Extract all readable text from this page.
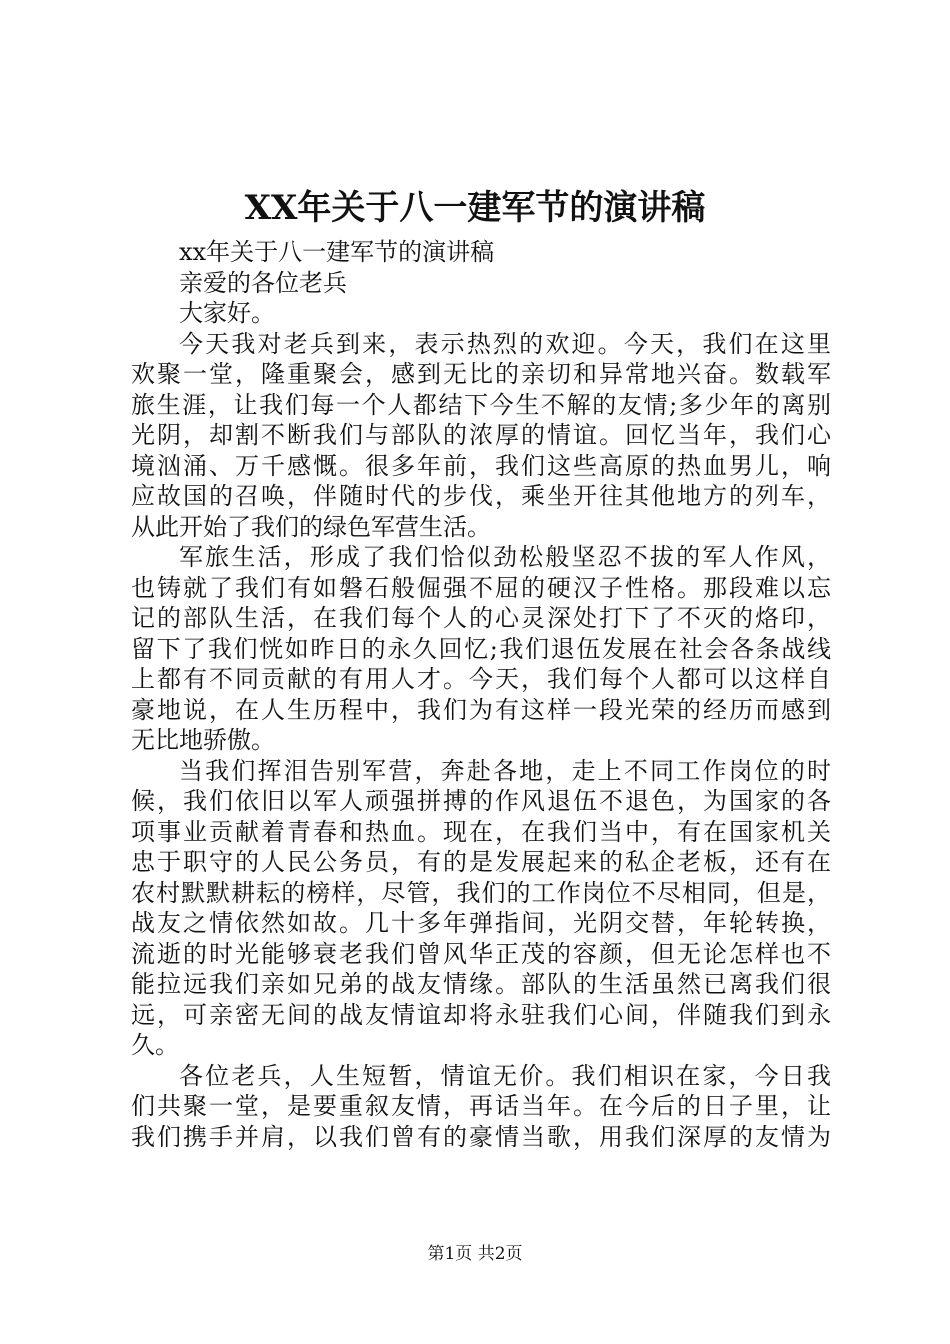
XX年关于八一建军节的演讲稿
xx年关于八一建军节的演讲稿
亲爱的各位老兵
大家好。
今天我对老兵到来，表示热烈的欢迎。今天，我们在这里
欢聚一堂，隆重聚会，感到无比的亲切和异常地兴奋。数载军
旅生涯，让我们每一个人都结下今生不解的友情;多少年的离别
光阴，却割不断我们与部队的浓厚的情谊。回忆当年，我们心
境汹涌、万千感慨。很多年前，我们这些高原的热血男儿，响
应故国的召唤，伴随时代的步伐，乘坐开往其他地方的列车，
从此开始了我们的绿色军营生活。
军旅生活，形成了我们恰似劲松般坚忍不拔的军人作风，
也铸就了我们有如磐石般倔强不屈的硬汉子性格。那段难以忘
记的部队生活，在我们每个人的心灵深处打下了不灭的烙印，
留下了我们恍如昨日的永久回忆;我们退伍发展在社会各条战线
上都有不同贡献的有用人才。今天，我们每个人都可以这样自
豪地说，在人生历程中，我们为有这样一段光荣的经历而感到
无比地骄傲。
当我们挥泪告别军营，奔赴各地，走上不同工作岗位的时
候，我们依旧以军人顽强拼搏的作风退伍不退色，为国家的各
项事业贡献着青春和热血。现在，在我们当中，有在国家机关
忠于职守的人民公务员，有的是发展起来的私企老板，还有在
农村默默耕耘的榜样，尽管，我们的工作岗位不尽相同，但是，
战友之情依然如故。几十多年弹指间，光阴交替，年轮转换，
流逝的时光能够衰老我们曾风华正茂的容颜，但无论怎样也不
能拉远我们亲如兄弟的战友情缘。部队的生活虽然已离我们很
远，可亲密无间的战友情谊却将永驻我们心间，伴随我们到永
久。
各位老兵，人生短暂，情谊无价。我们相识在家，今日我
们共聚一堂，是要重叙友情，再话当年。在今后的日子里，让
我们携手并肩，以我们曾有的豪情当歌，用我们深厚的友情为
第1页 共2页
